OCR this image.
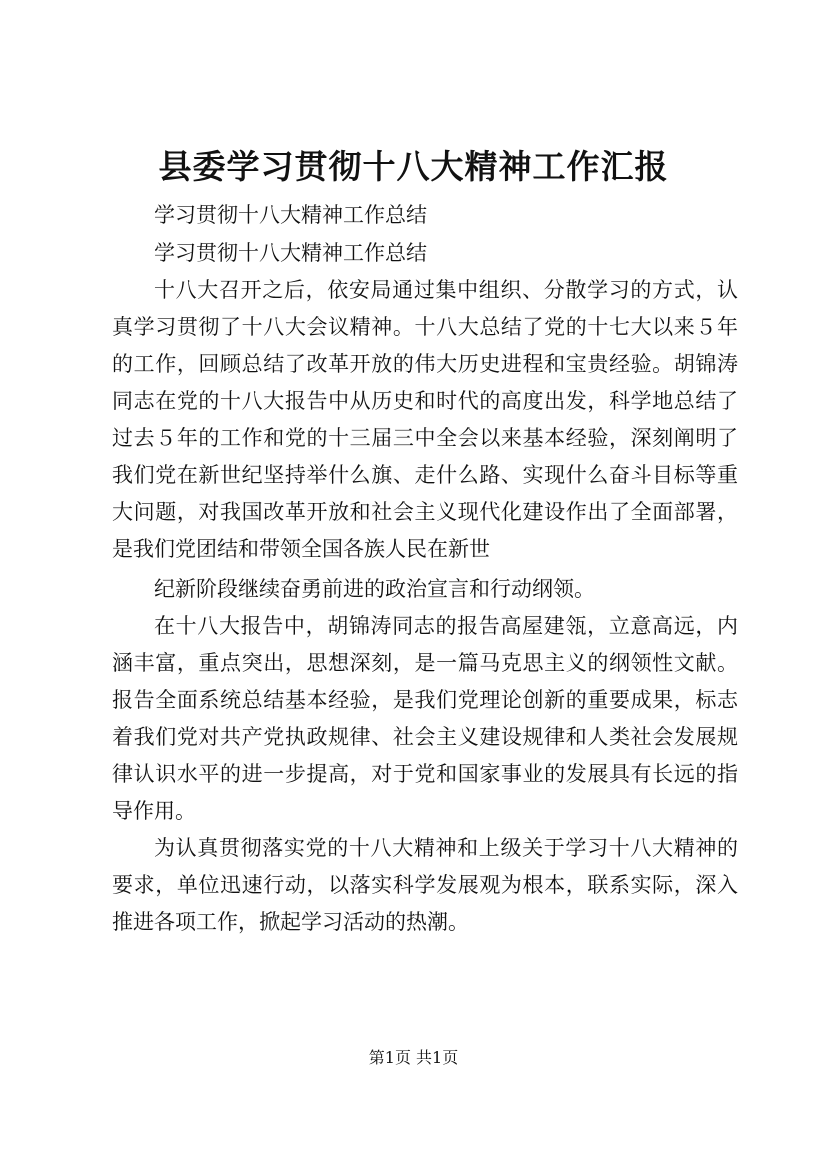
县委学习贯彻十八大精神工作汇报

学习贯彻十八大精神工作总结

学习贯彻十八大精神工作总结

十八大召开之后，依安局通过集中组织、分散学习的方式，认真学习贯彻了十八大会议精神。十八大总结了党的十七大以来５年的工作，回顾总结了改革开放的伟大历史进程和宝贵经验。胡锦涛同志在党的十八大报告中从历史和时代的高度出发，科学地总结了过去５年的工作和党的十三届三中全会以来基本经验，深刻阐明了我们党在新世纪坚持举什么旗、走什么路、实现什么奋斗目标等重大问题，对我国改革开放和社会主义现代化建设作出了全面部署，是我们党团结和带领全国各族人民在新世

纪新阶段继续奋勇前进的政治宣言和行动纲领。

在十八大报告中，胡锦涛同志的报告高屋建瓴，立意高远，内涵丰富，重点突出，思想深刻，是一篇马克思主义的纲领性文献。报告全面系统总结基本经验，是我们党理论创新的重要成果，标志着我们党对共产党执政规律、社会主义建设规律和人类社会发展规律认识水平的进一步提高，对于党和国家事业的发展具有长远的指导作用。

为认真贯彻落实党的十八大精神和上级关于学习十八大精神的要求，单位迅速行动，以落实科学发展观为根本，联系实际，深入推进各项工作，掀起学习活动的热潮。

第1页 共1页
